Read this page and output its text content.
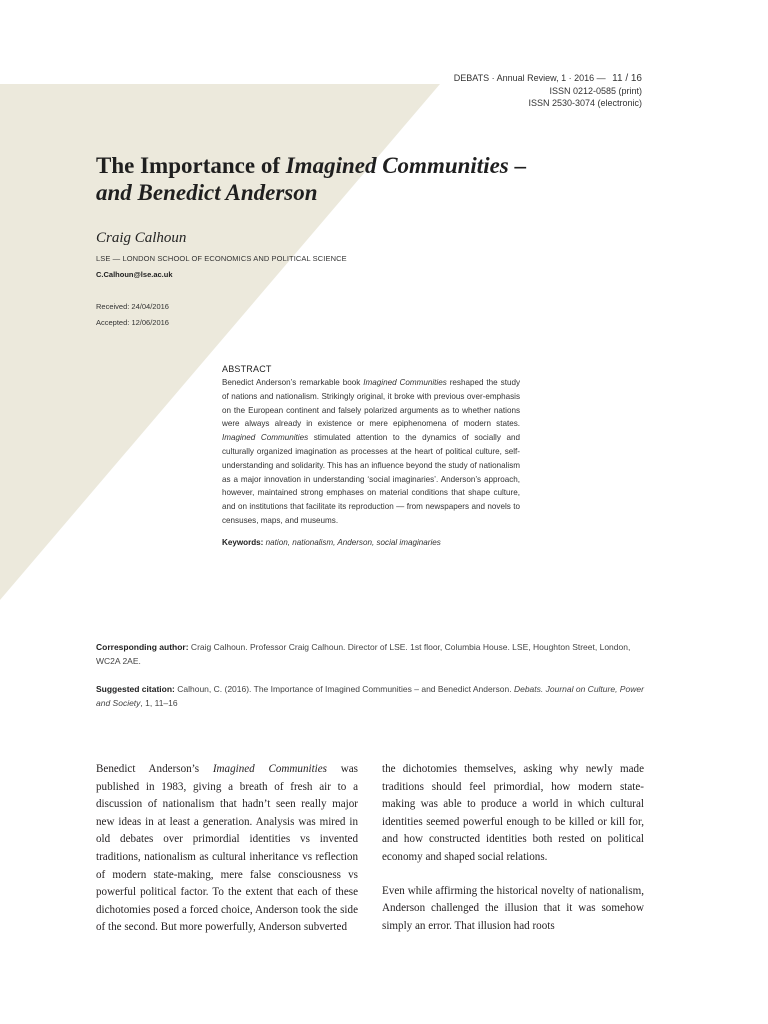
DEBATS · Annual Review, 1 · 2016 — 11 / 16
ISSN 0212-0585 (print)
ISSN 2530-3074 (electronic)
The Importance of Imagined Communities –
and Benedict Anderson
Craig Calhoun
LSE — LONDON SCHOOL OF ECONOMICS AND POLITICAL SCIENCE
C.Calhoun@lse.ac.uk
Received: 24/04/2016
Accepted: 12/06/2016
ABSTRACT

Benedict Anderson’s remarkable book Imagined Communities reshaped the study of nations and nationalism. Strikingly original, it broke with previous over-emphasis on the European continent and falsely polarized arguments as to whether nations were always already in existence or mere epiphenomena of modern states. Imagined Communities stimulated attention to the dynamics of socially and culturally organized imagination as processes at the heart of political culture, self-understanding and solidarity. This has an influence beyond the study of nationalism as a major innovation in understanding ‘social imaginaries’. Anderson’s approach, however, maintained strong emphases on material conditions that shape culture, and on institutions that facilitate its reproduction — from newspapers and novels to censuses, maps, and museums.

Keywords: nation, nationalism, Anderson, social imaginaries
Corresponding author: Craig Calhoun. Professor Craig Calhoun. Director of LSE. 1st floor, Columbia House. LSE, Houghton Street, London, WC2A 2AE.
Suggested citation: Calhoun, C. (2016). The Importance of Imagined Communities – and Benedict Anderson. Debats. Journal on Culture, Power and Society, 1, 11–16

Benedict Anderson’s Imagined Communities was published in 1983, giving a breath of fresh air to a discussion of nationalism that hadn’t seen really major new ideas in at least a generation. Analysis was mired in old debates over primordial identities vs invented traditions, nationalism as cultural inheritance vs reflection of modern state-making, mere false consciousness vs powerful political factor. To the extent that each of these dichotomies posed a forced choice, Anderson took the side of the second. But more powerfully, Anderson subverted

the dichotomies themselves, asking why newly made traditions should feel primordial, how modern state-making was able to produce a world in which cultural identities seemed powerful enough to be killed or kill for, and how constructed identities both rested on political economy and shaped social relations.

Even while affirming the historical novelty of nationalism, Anderson challenged the illusion that it was somehow simply an error. That illusion had roots
